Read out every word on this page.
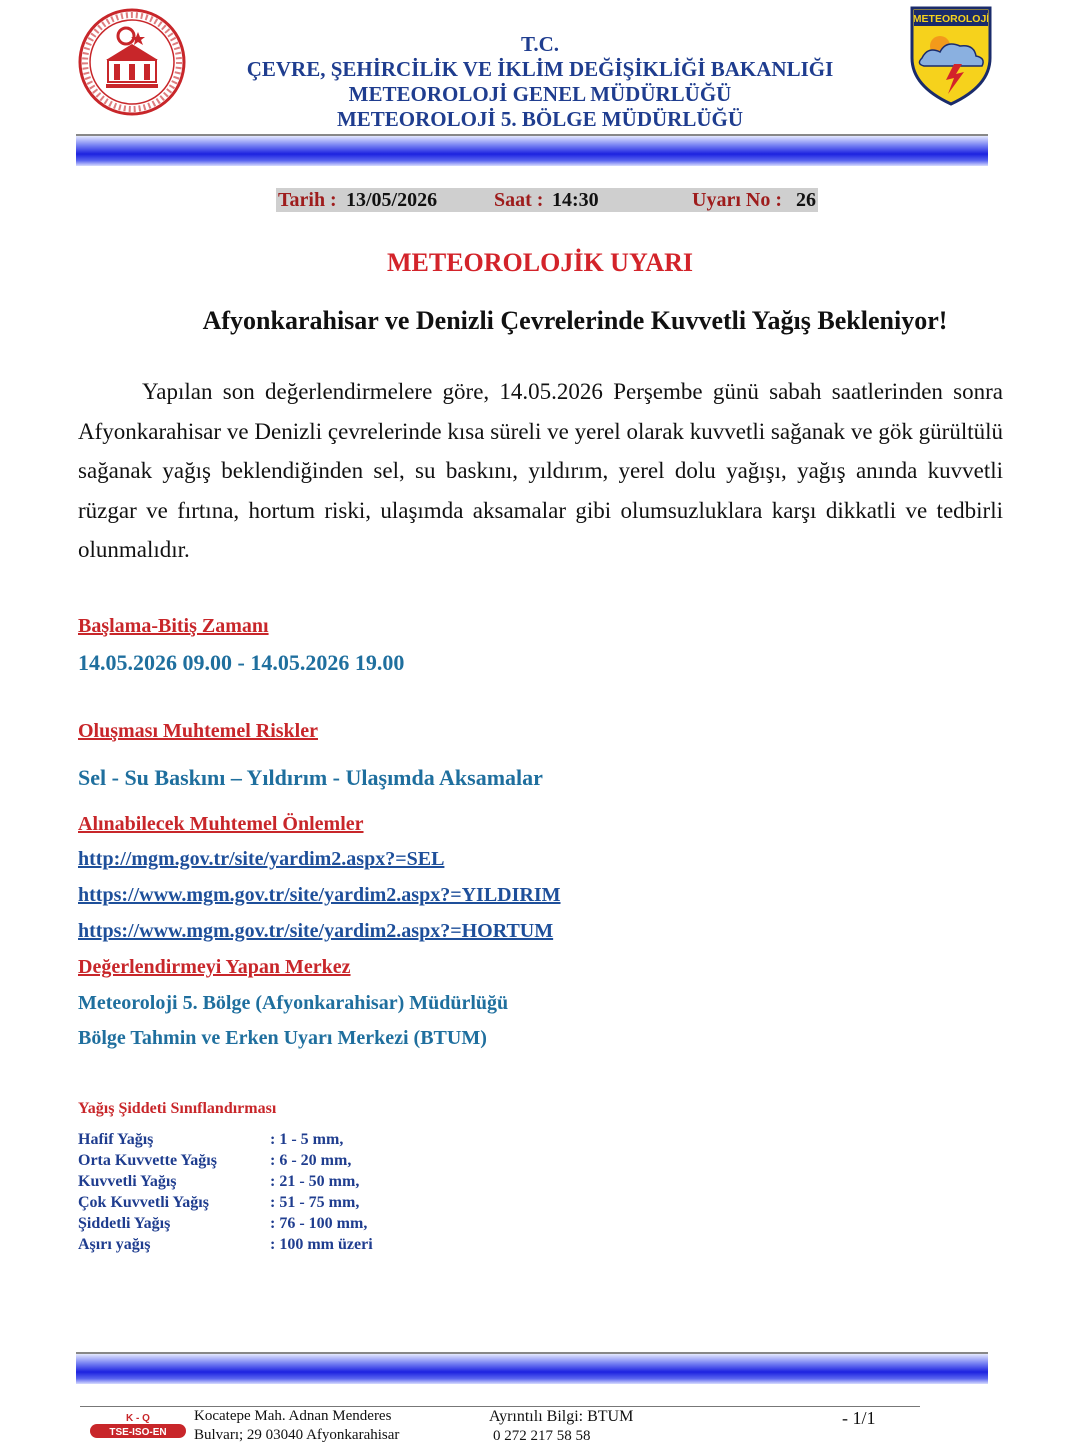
METEOROLOJİ
T.C.
ÇEVRE, ŞEHİRCİLİK VE İKLİM DEĞİŞİKLİĞİ BAKANLIĞI
METEOROLOJİ GENEL MÜDÜRLÜĞÜ
METEOROLOJİ 5. BÖLGE MÜDÜRLÜĞÜ
Tarih : 13/05/2026	Saat : 14:30	Uyarı No : 26
METEOROLOJİK UYARI
Afyonkarahisar ve Denizli Çevrelerinde Kuvvetli Yağış Bekleniyor!

Yapılan son değerlendirmelere göre, 14.05.2026 Perşembe günü sabah saatlerinden sonra Afyonkarahisar ve Denizli çevrelerinde kısa süreli ve yerel olarak kuvvetli sağanak ve gök gürültülü sağanak yağış beklendiğinden sel, su baskını, yıldırım, yerel dolu yağışı, yağış anında kuvvetli rüzgar ve fırtına, hortum riski, ulaşımda aksamalar gibi olumsuzluklara karşı dikkatli ve tedbirli olunmalıdır.

Başlama-Bitiş Zamanı
14.05.2026 09.00 - 14.05.2026 19.00
Oluşması Muhtemel Riskler
Sel - Su Baskını – Yıldırım - Ulaşımda Aksamalar
Alınabilecek Muhtemel Önlemler
http://mgm.gov.tr/site/yardim2.aspx?=SEL
https://www.mgm.gov.tr/site/yardim2.aspx?=YILDIRIM
https://www.mgm.gov.tr/site/yardim2.aspx?=HORTUM
Değerlendirmeyi Yapan Merkez
Meteoroloji 5. Bölge (Afyonkarahisar) Müdürlüğü
Bölge Tahmin ve Erken Uyarı Merkezi (BTUM)
Yağış Şiddeti Sınıflandırması
Hafif Yağış	: 1 - 5 mm,
Orta Kuvvette Yağış	: 6 - 20 mm,
Kuvvetli Yağış	: 21 - 50 mm,
Çok Kuvvetli Yağış	: 51 - 75 mm,
Şiddetli Yağış	: 76 - 100 mm,
Aşırı yağış	: 100 mm üzeri
K - Q
TSE-ISO-EN
Kocatepe Mah. Adnan Menderes
Bulvarı; 29 03040 Afyonkarahisar
Ayrıntılı Bilgi: BTUM
0 272 217 58 58
- 1/1
